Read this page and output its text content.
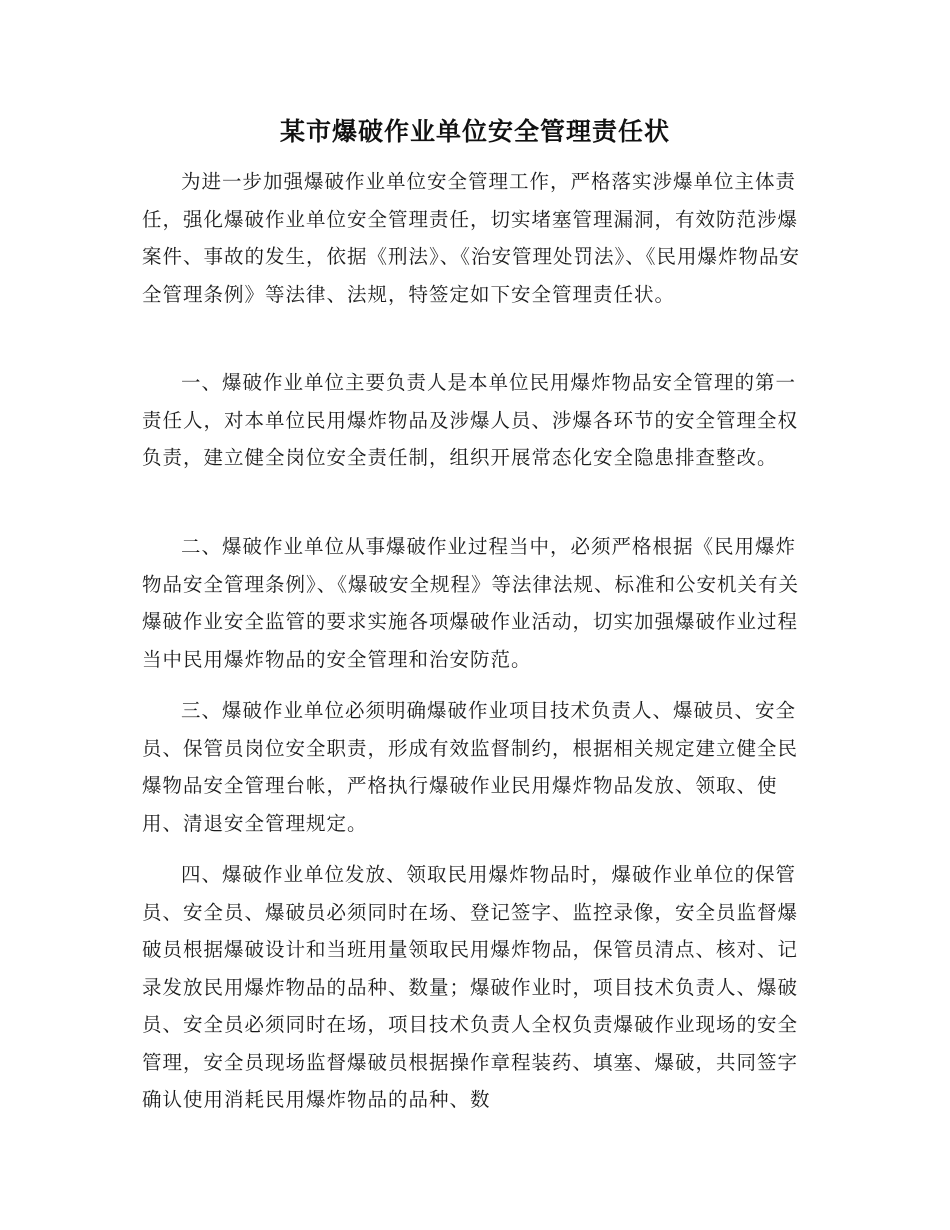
某市爆破作业单位安全管理责任状

为进一步加强爆破作业单位安全管理工作，严格落实涉爆单位主体责任，强化爆破作业单位安全管理责任，切实堵塞管理漏洞，有效防范涉爆案件、事故的发生，依据《刑法》、《治安管理处罚法》、《民用爆炸物品安全管理条例》等法律、法规，特签定如下安全管理责任状。

一、爆破作业单位主要负责人是本单位民用爆炸物品安全管理的第一责任人，对本单位民用爆炸物品及涉爆人员、涉爆各环节的安全管理全权负责，建立健全岗位安全责任制，组织开展常态化安全隐患排查整改。

二、爆破作业单位从事爆破作业过程当中，必须严格根据《民用爆炸物品安全管理条例》、《爆破安全规程》等法律法规、标准和公安机关有关爆破作业安全监管的要求实施各项爆破作业活动，切实加强爆破作业过程当中民用爆炸物品的安全管理和治安防范。

三、爆破作业单位必须明确爆破作业项目技术负责人、爆破员、安全员、保管员岗位安全职责，形成有效监督制约，根据相关规定建立健全民爆物品安全管理台帐，严格执行爆破作业民用爆炸物品发放、领取、使用、清退安全管理规定。

四、爆破作业单位发放、领取民用爆炸物品时，爆破作业单位的保管员、安全员、爆破员必须同时在场、登记签字、监控录像，安全员监督爆破员根据爆破设计和当班用量领取民用爆炸物品，保管员清点、核对、记录发放民用爆炸物品的品种、数量；爆破作业时，项目技术负责人、爆破员、安全员必须同时在场，项目技术负责人全权负责爆破作业现场的安全管理，安全员现场监督爆破员根据操作章程装药、填塞、爆破，共同签字确认使用消耗民用爆炸物品的品种、数
